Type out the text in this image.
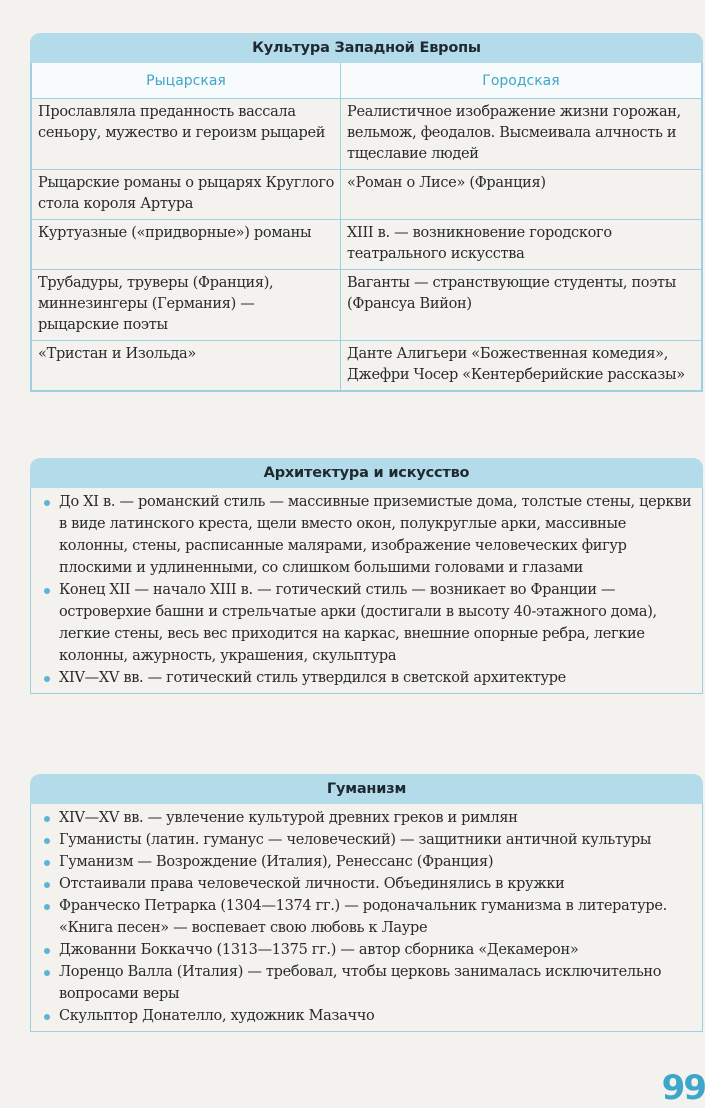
Культура Западной Европы
Рыцарская	Городская
Прославляла преданность вассала сеньору, мужество и героизм рыцарей	Реалистичное изображение жизни горожан, вельмож, феодалов. Высмеивала алчность и тщеславие людей
Рыцарские романы о рыцарях Круглого стола короля Артура	«Роман о Лисе» (Франция)
Куртуазные («придворные») романы	XIII в. — возникновение городского театрального искусства
Трубадуры, труверы (Франция), миннезингеры (Германия) — рыцарские поэты	Ваганты — странствующие студенты, поэты (Франсуа Вийон)
«Тристан и Изольда»	Данте Алигьери «Божественная комедия», Джефри Чосер «Кентерберийские рассказы»
Архитектура и искусство
До XI в. — романский стиль — массивные приземистые дома, толстые стены, церкви в виде латинского креста, щели вместо окон, полукруглые арки, массивные колонны, стены, расписанные малярами, изображение человеческих фигур плоскими и удлиненными, со слишком большими головами и глазами
Конец XII — начало XIII в. — готический стиль — возникает во Франции — островерхие башни и стрельчатые арки (достигали в высоту 40-этажного дома), легкие стены, весь вес приходится на каркас, внешние опорные ребра, легкие колонны, ажурность, украшения, скульптура
XIV—XV вв. — готический стиль утвердился в светской архитектуре
Гуманизм
XIV—XV вв. — увлечение культурой древних греков и римлян
Гуманисты (латин. гуманус — человеческий) — защитники античной культуры
Гуманизм — Возрождение (Италия), Ренессанс (Франция)
Отстаивали права человеческой личности. Объединялись в кружки
Франческо Петрарка (1304—1374 гг.) — родоначальник гуманизма в литературе. «Книга песен» — воспевает свою любовь к Лауре
Джованни Боккаччо (1313—1375 гг.) — автор сборника «Декамерон»
Лоренцо Валла (Италия) — требовал, чтобы церковь занималась исключительно вопросами веры
Скульптор Донателло, художник Мазаччо
99
